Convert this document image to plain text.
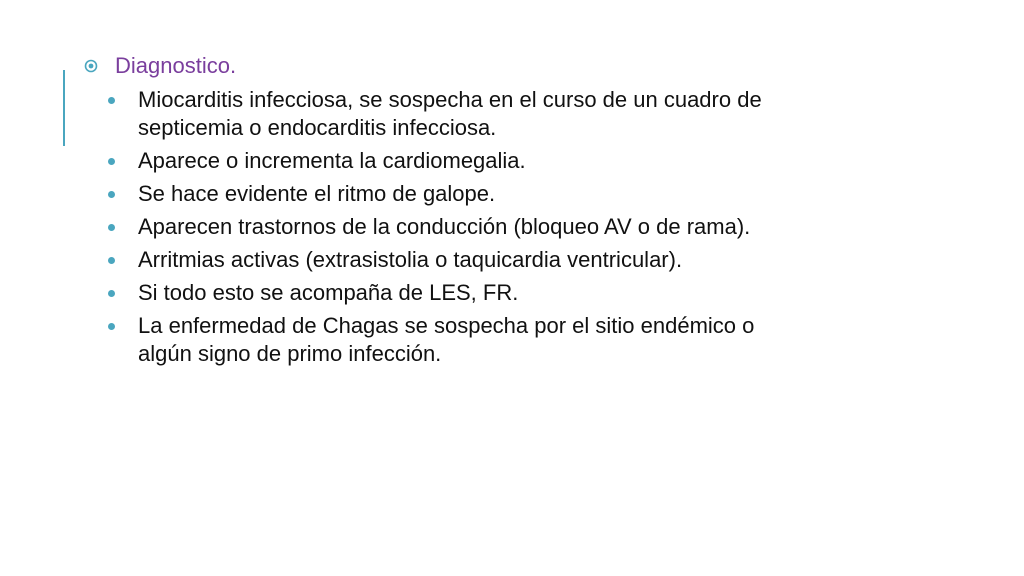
Diagnostico.
Miocarditis infecciosa, se sospecha en el curso de un cuadro de septicemia o endocarditis infecciosa.
Aparece o incrementa la cardiomegalia.
Se hace evidente el ritmo de galope.
Aparecen trastornos de la conducción (bloqueo AV o de rama).
Arritmias activas (extrasistolia o taquicardia ventricular).
Si todo esto se acompaña de LES, FR.
La enfermedad de Chagas se sospecha por el sitio endémico o algún signo de primo infección.
